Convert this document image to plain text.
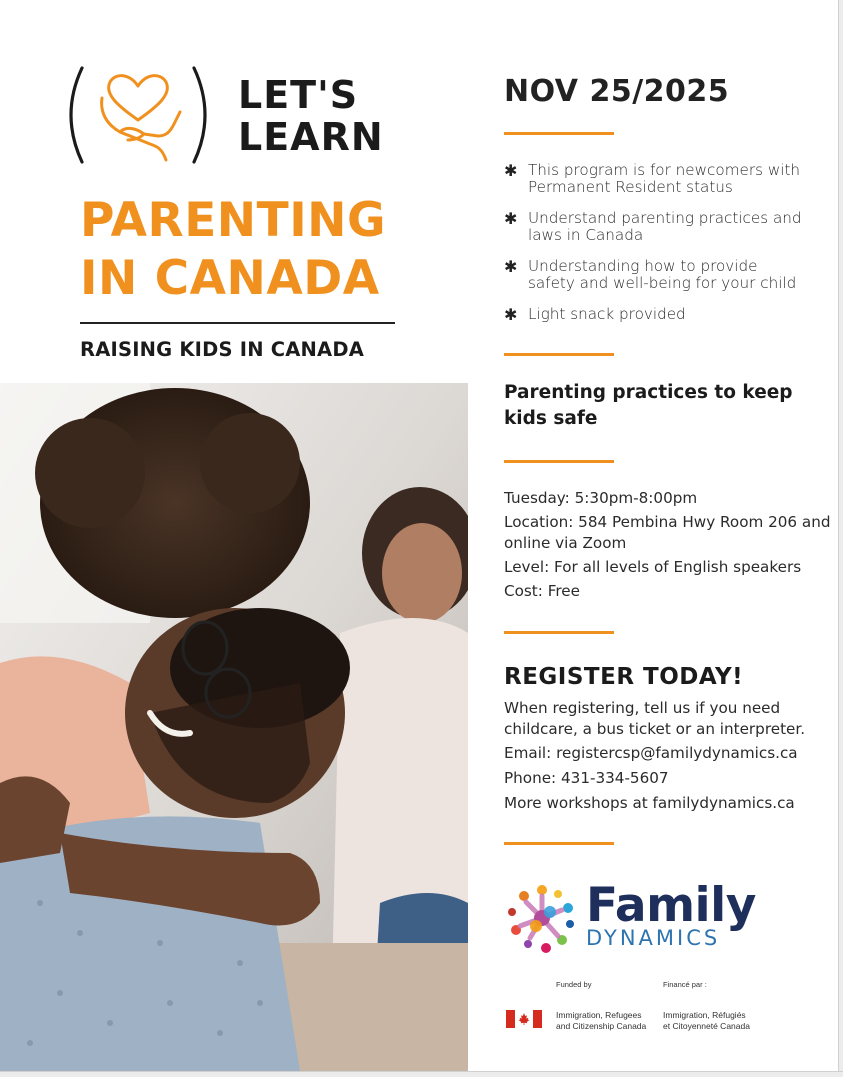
LET'S
LEARN
PARENTING
IN CANADA
RAISING KIDS IN CANADA
NOV 25/2025
✱ This program is for newcomers with Permanent Resident status
✱ Understand parenting practices and laws in Canada
✱ Understanding how to provide safety and well-being for your child
✱ Light snack provided
Parenting practices to keep kids safe
Tuesday: 5:30pm-8:00pm
Location: 584 Pembina Hwy Room 206 and online via Zoom
Level: For all levels of English speakers
Cost: Free
REGISTER TODAY!
When registering, tell us if you need childcare, a bus ticket or an interpreter.
Email: registercsp@familydynamics.ca
Phone: 431-334-5607
More workshops at familydynamics.ca
Family
DYNAMICS
Funded by	Financé par :
Immigration, Refugees
and Citizenship Canada
Immigration, Réfugiés
et Citoyenneté Canada
